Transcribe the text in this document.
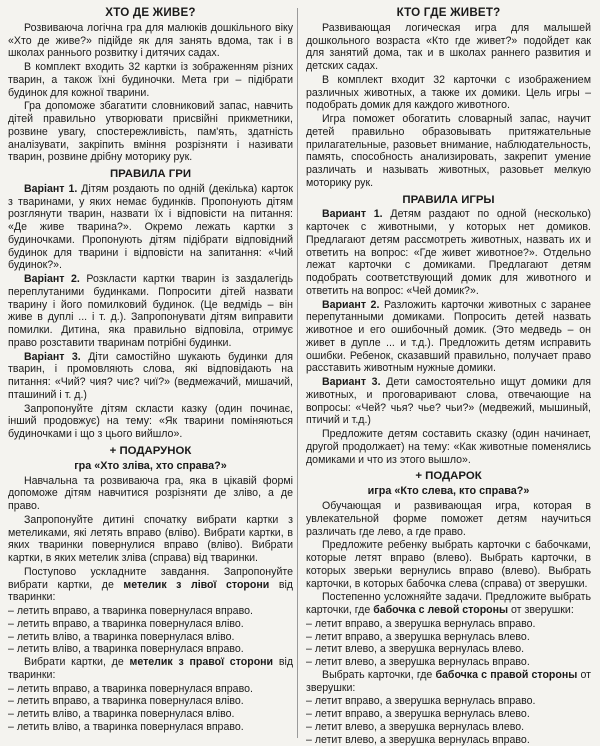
ХТО ДЕ ЖИВЕ?

Розвиваюча логічна гра для малюків дошкільного віку «Хто де живе?» підійде як для занять вдома, так і в школах раннього розвитку і дитячих садах.

В комплект входить 32 картки із зображенням різних тварин, а також їхні будиночки. Мета гри – підібрати будинок для кожної тварини.

Гра допоможе збагатити словниковий запас, навчить дітей правильно утворювати присвійні прикметники, розвине увагу, спостережливість, пам'ять, здатність аналізувати, закріпить вміння розрізняти і називати тварин, розвине дрібну моторику рук.

ПРАВИЛА ГРИ

Варіант 1. Дітям роздають по одній (декілька) карток з тваринами, у яких немає будинків. Пропонують дітям розглянути тварин, назвати їх і відповісти на питання: «Де живе тварина?». Окремо лежать картки з будиночками. Пропонують дітям підібрати відповідний будинок для тварини і відповісти на запитання: «Чий будинок?».

Варіант 2. Розкласти картки тварин із заздалегідь переплутаними будинками. Попросити дітей назвати тварину і його помилковий будинок. (Це ведмідь – він живе в дуплі ... і т. д.). Запропонувати дітям виправити помилки. Дитина, яка правильно відповіла, отримує право розставити тваринам потрібні будинки.

Варіант 3. Діти самостійно шукають будинки для тварин, і промовляють слова, які відповідають на питання: «Чий? чия? чиє? чиї?» (ведмежачий, мишачий, пташиний і т. д.)

Запропонуйте дітям скласти казку (один починає, інший продовжує) на тему: «Як тварини поміняються будиночками і що з цього вийшло».

+ ПОДАРУНОК
гра «Хто зліва, хто справа?»

Навчальна та розвиваюча гра, яка в цікавій формі допоможе дітям навчитися розрізняти де зліво, а де право.

Запропонуйте дитині спочатку вибрати картки з метеликами, які летять вправо (вліво). Вибрати картки, в яких тваринки повернулися вправо (вліво). Вибрати картки, в яких метелик зліва (справа) від тваринки.

Поступово ускладните завдання. Запропонуйте вибрати картки, де метелик з лівої сторони від тваринки:

– летить вправо, а тваринка повернулася вправо.
– летить вправо, а тваринка повернулася вліво.
– летить вліво, а тваринка повернулася вліво.
– летить вліво, а тваринка повернулася вправо.

Вибрати картки, де метелик з правої сторони від тваринки:

– летить вправо, а тваринка повернулася вправо.
– летить вправо, а тваринка повернулася вліво.
– летить вліво, а тваринка повернулася вліво.
– летить вліво, а тваринка повернулася вправо.
КТО ГДЕ ЖИВЕТ?

Развивающая логическая игра для малышей дошкольного возраста «Кто где живет?» подойдет как для занятий дома, так и в школах раннего развития и детских садах.

В комплект входит 32 карточки с изображением различных животных, а также их домики. Цель игры – подобрать домик для каждого животного.

Игра поможет обогатить словарный запас, научит детей правильно образовывать притяжательные прилагательные, разовьет внимание, наблюдательность, память, способность анализировать, закрепит умение различать и называть животных, разовьет мелкую моторику рук.

ПРАВИЛА ИГРЫ

Вариант 1. Детям раздают по одной (несколько) карточек с животными, у которых нет домиков. Предлагают детям рассмотреть животных, назвать их и ответить на вопрос: «Где живет животное?». Отдельно лежат карточки с домиками. Предлагают детям подобрать соответствующий домик для животного и ответить на вопрос: «Чей домик?».

Вариант 2. Разложить карточки животных с заранее перепутанными домиками. Попросить детей назвать животное и его ошибочный домик. (Это медведь – он живет в дупле ... и т.д.). Предложить детям исправить ошибки. Ребенок, сказавший правильно, получает право расставить животным нужные домики.

Вариант 3. Дети самостоятельно ищут домики для животных, и проговаривают слова, отвечающие на вопросы: «Чей? чья? чье? чьи?» (медвежий, мышиный, птичий и т.д.)

Предложите детям составить сказку (один начинает, другой продолжает) на тему: «Как животные поменялись домиками и что из этого вышло».

+ ПОДАРОК
игра «Кто слева, кто справа?»

Обучающая и развивающая игра, которая в увлекательной форме поможет детям научиться различать где лево, а где право.

Предложите ребенку выбрать карточки с бабочками, которые летят вправо (влево). Выбрать карточки, в которых зверьки вернулись вправо (влево). Выбрать карточки, в которых бабочка слева (справа) от зверушки.

Постепенно усложняйте задачи. Предложите выбрать карточки, где бабочка с левой стороны от зверушки:

– летит вправо, а зверушка вернулась вправо.
– летит вправо, а зверушка вернулась влево.
– летит влево, а зверушка вернулась влево.
– летит влево, а зверушка вернулась вправо.

Выбрать карточки, где бабочка с правой стороны от зверушки:

– летит вправо, а зверушка вернулась вправо.
– летит вправо, а зверушка вернулась влево.
– летит влево, а зверушка вернулась влево.
– летит влево, а зверушка вернулась вправо.
